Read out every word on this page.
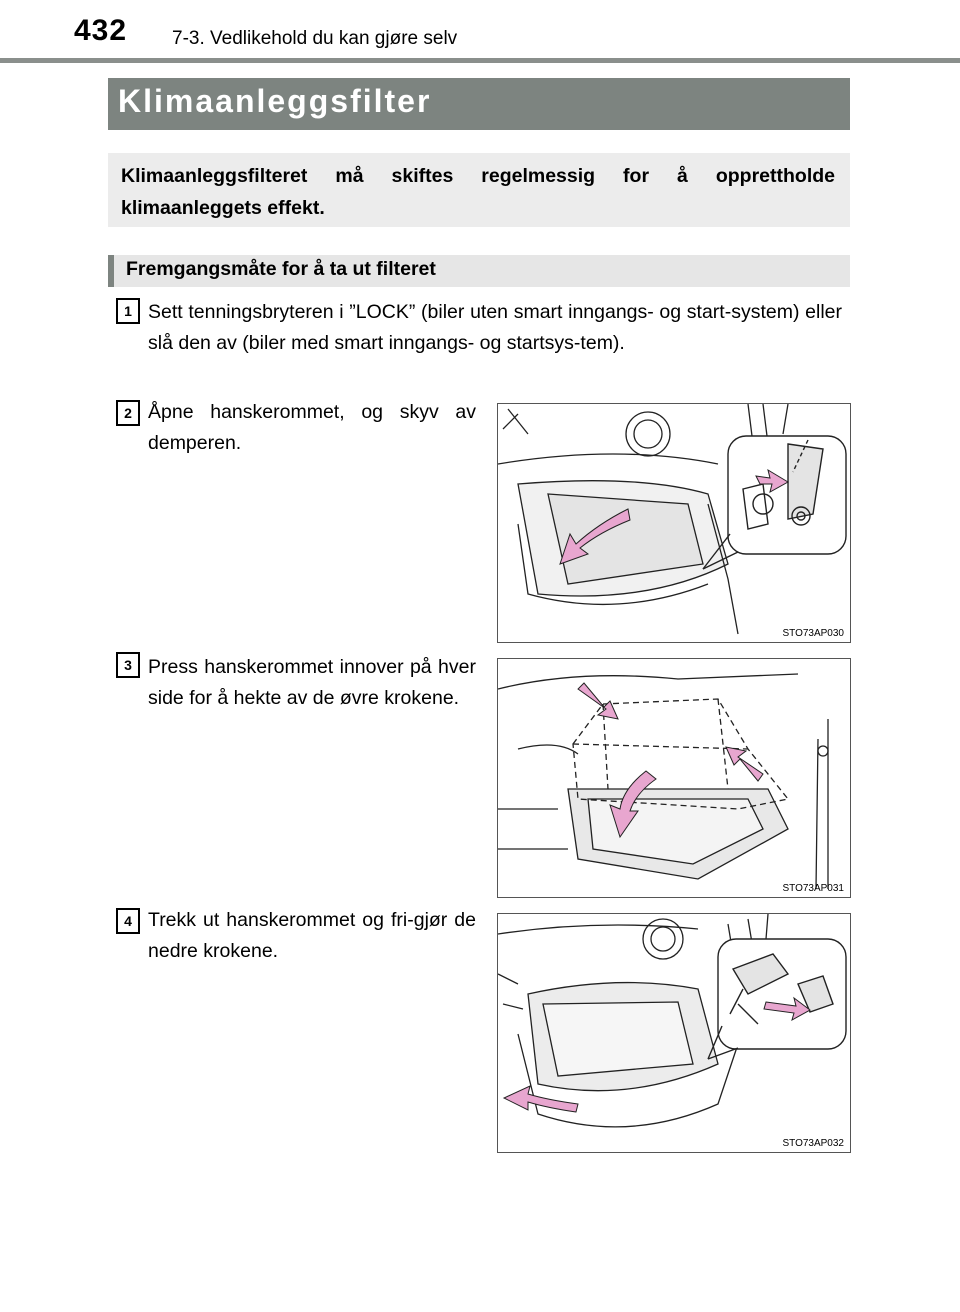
432 7-3. Vedlikehold du kan gjøre selv
Klimaanleggsfilter
Klimaanleggsfilteret må skiftes regelmessig for å opprettholde klimaanleggets effekt.
Fremgangsmåte for å ta ut filteret
1 Sett tenningsbryteren i ”LOCK” (biler uten smart inngangs- og start-system) eller slå den av (biler med smart inngangs- og startsys-tem).
2 Åpne hanskerommet, og skyv av demperen.
STO73AP030
3 Press hanskerommet innover på hver side for å hekte av de øvre krokene.
STO73AP031
4 Trekk ut hanskerommet og fri-gjør de nedre krokene.
STO73AP032
